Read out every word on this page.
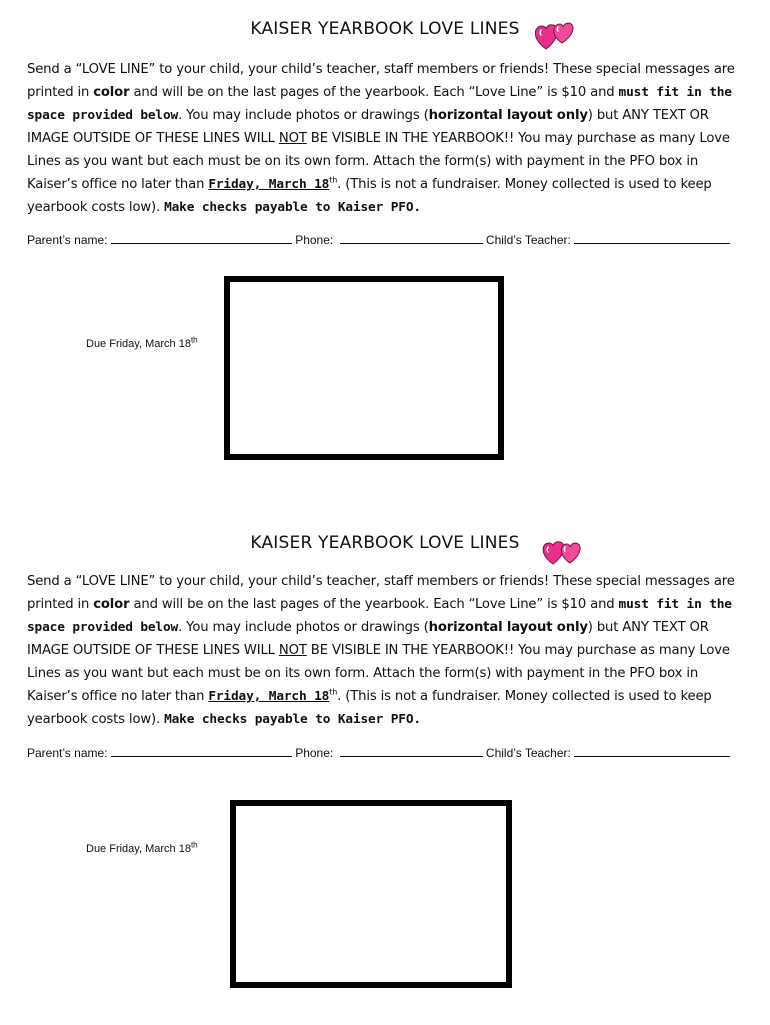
KAISER YEARBOOK LOVE LINES
Send a “LOVE LINE” to your child, your child’s teacher, staff members or friends! These special messages are printed in color and will be on the last pages of the yearbook. Each “Love Line” is $10 and must fit in the space provided below. You may include photos or drawings (horizontal layout only) but ANY TEXT OR IMAGE OUTSIDE OF THESE LINES WILL NOT BE VISIBLE IN THE YEARBOOK!! You may purchase as many Love Lines as you want but each must be on its own form. Attach the form(s) with payment in the PFO box in Kaiser’s office no later than Friday, March 18th. (This is not a fundraiser. Money collected is used to keep yearbook costs low). Make checks payable to Kaiser PFO.
Parent’s name:	Phone:	Child’s Teacher:
Due Friday, March 18th
KAISER YEARBOOK LOVE LINES
Send a “LOVE LINE” to your child, your child’s teacher, staff members or friends! These special messages are printed in color and will be on the last pages of the yearbook. Each “Love Line” is $10 and must fit in the space provided below. You may include photos or drawings (horizontal layout only) but ANY TEXT OR IMAGE OUTSIDE OF THESE LINES WILL NOT BE VISIBLE IN THE YEARBOOK!! You may purchase as many Love Lines as you want but each must be on its own form. Attach the form(s) with payment in the PFO box in Kaiser’s office no later than Friday, March 18th. (This is not a fundraiser. Money collected is used to keep yearbook costs low). Make checks payable to Kaiser PFO.
Parent’s name:	Phone:	Child’s Teacher:
Due Friday, March 18th
